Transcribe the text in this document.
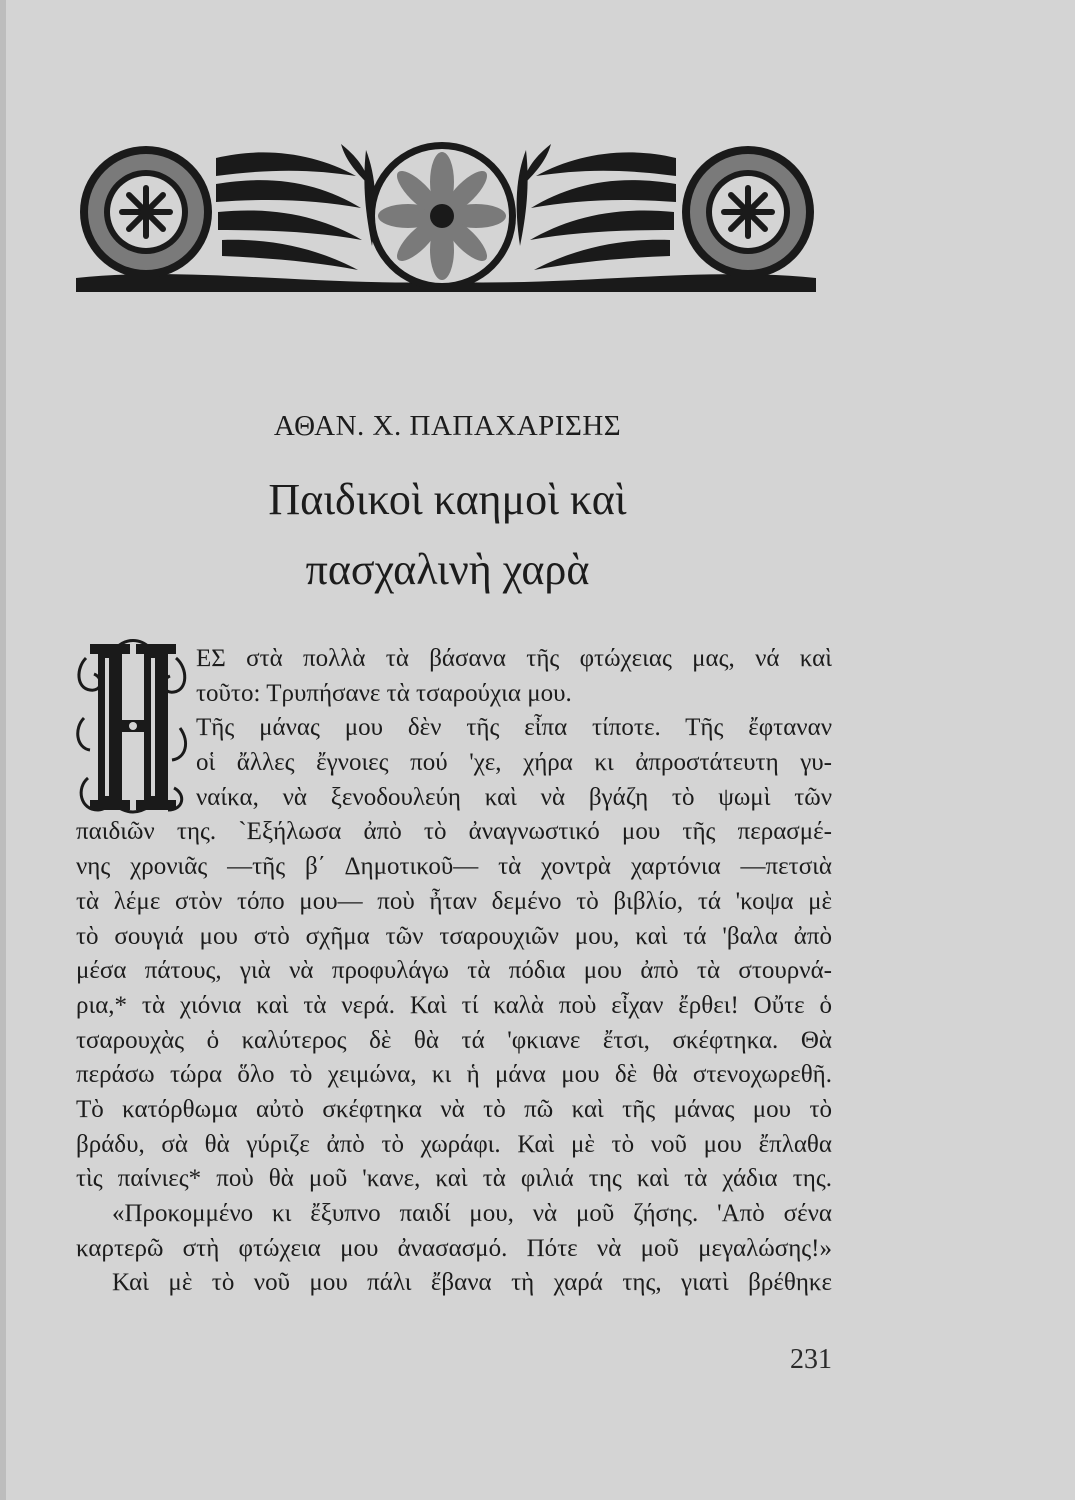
ΑΘΑΝ. Χ. ΠΑΠΑΧΑΡΙΣΗΣ
Παιδικοὶ καημοὶ καὶ
πασχαλινὴ χαρὰ
Η
ΕΣ στὰ πολλὰ τὰ βάσανα τῆς φτώχειας μας, νά καὶ
τοῦτο: Τρυπήσανε τὰ τσαρούχια μου.
Τῆς μάνας μου δὲν τῆς εἶπα τίποτε. Τῆς ἔφταναν
οἱ ἄλλες ἔγνοιες πού 'χε, χήρα κι ἀπροστάτευτη γυ-
ναίκα, νὰ ξενοδουλεύη καὶ νὰ βγάζη τὸ ψωμὶ τῶν
παιδιῶν της. `Εξήλωσα ἀπὸ τὸ ἀναγνωστικό μου τῆς περασμέ-
νης χρονιᾶς —τῆς β΄ Δημοτικοῦ— τὰ χοντρὰ χαρτόνια —πετσιὰ
τὰ λέμε στὸν τόπο μου— ποὺ ἦταν δεμένο τὸ βιβλίο, τά 'κοψα μὲ
τὸ σουγιά μου στὸ σχῆμα τῶν τσαρουχιῶν μου, καὶ τά 'βαλα ἀπὸ
μέσα πάτους, γιὰ νὰ προφυλάγω τὰ πόδια μου ἀπὸ τὰ στουρνά-
ρια,* τὰ χιόνια καὶ τὰ νερά. Καὶ τί καλὰ ποὺ εἶχαν ἔρθει! Οὔτε ὁ
τσαρουχὰς ὁ καλύτερος δὲ θὰ τά 'φκιανε ἔτσι, σκέφτηκα. Θὰ
περάσω τώρα ὅλο τὸ χειμώνα, κι ἡ μάνα μου δὲ θὰ στενοχωρεθῆ.
Τὸ κατόρθωμα αὐτὸ σκέφτηκα νὰ τὸ πῶ καὶ τῆς μάνας μου τὸ
βράδυ, σὰ θὰ γύριζε ἀπὸ τὸ χωράφι. Καὶ μὲ τὸ νοῦ μου ἔπλαθα
τὶς παίνιες* ποὺ θὰ μοῦ 'κανε, καὶ τὰ φιλιά της καὶ τὰ χάδια της.
«Προκομμένο κι ἔξυπνο παιδί μου, νὰ μοῦ ζήσης. 'Απὸ σένα
καρτερῶ στὴ φτώχεια μου ἀνασασμό. Πότε νὰ μοῦ μεγαλώσης!»
Καὶ μὲ τὸ νοῦ μου πάλι ἔβανα τὴ χαρά της, γιατὶ βρέθηκε
231
